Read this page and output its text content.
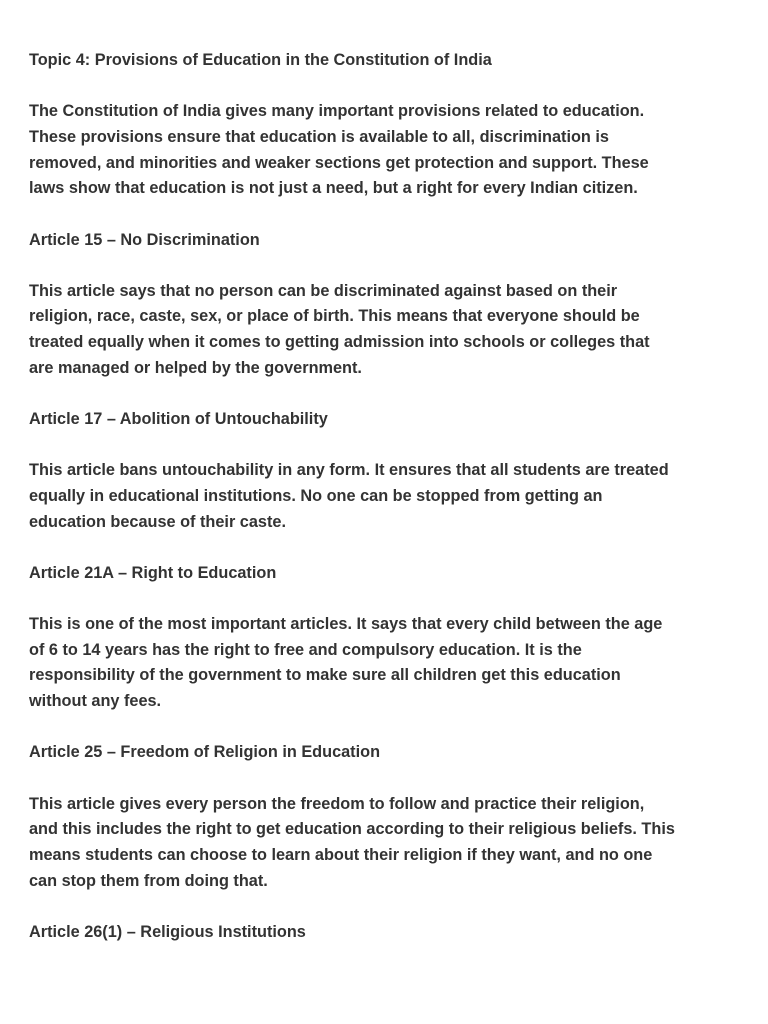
Topic 4: Provisions of Education in the Constitution of India
The Constitution of India gives many important provisions related to education.
These provisions ensure that education is available to all, discrimination is
removed, and minorities and weaker sections get protection and support. These
laws show that education is not just a need, but a right for every Indian citizen.
Article 15 – No Discrimination
This article says that no person can be discriminated against based on their
religion, race, caste, sex, or place of birth. This means that everyone should be
treated equally when it comes to getting admission into schools or colleges that
are managed or helped by the government.
Article 17 – Abolition of Untouchability
This article bans untouchability in any form. It ensures that all students are treated
equally in educational institutions. No one can be stopped from getting an
education because of their caste.
Article 21A – Right to Education
This is one of the most important articles. It says that every child between the age
of 6 to 14 years has the right to free and compulsory education. It is the
responsibility of the government to make sure all children get this education
without any fees.
Article 25 – Freedom of Religion in Education
This article gives every person the freedom to follow and practice their religion,
and this includes the right to get education according to their religious beliefs. This
means students can choose to learn about their religion if they want, and no one
can stop them from doing that.
Article 26(1) – Religious Institutions
